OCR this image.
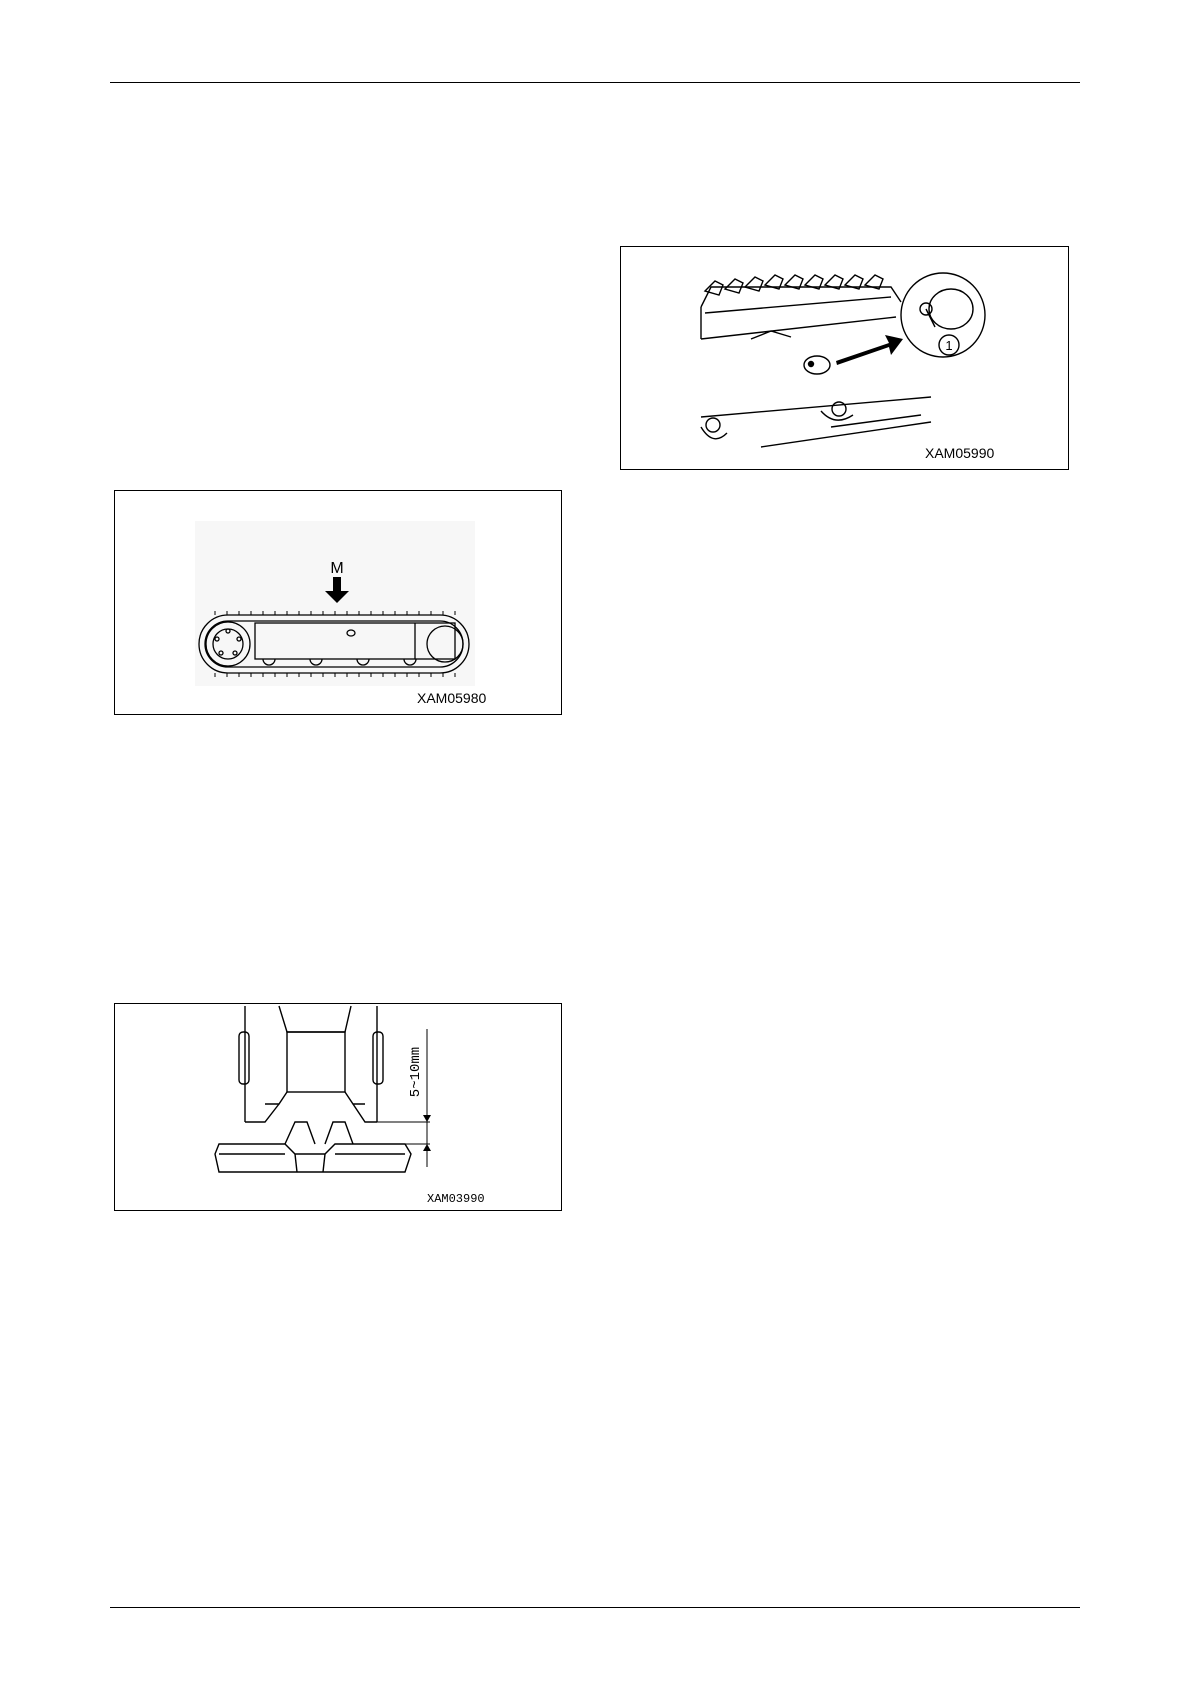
1
XAM05990
M
XAM05980
5~10mm
XAM03990
